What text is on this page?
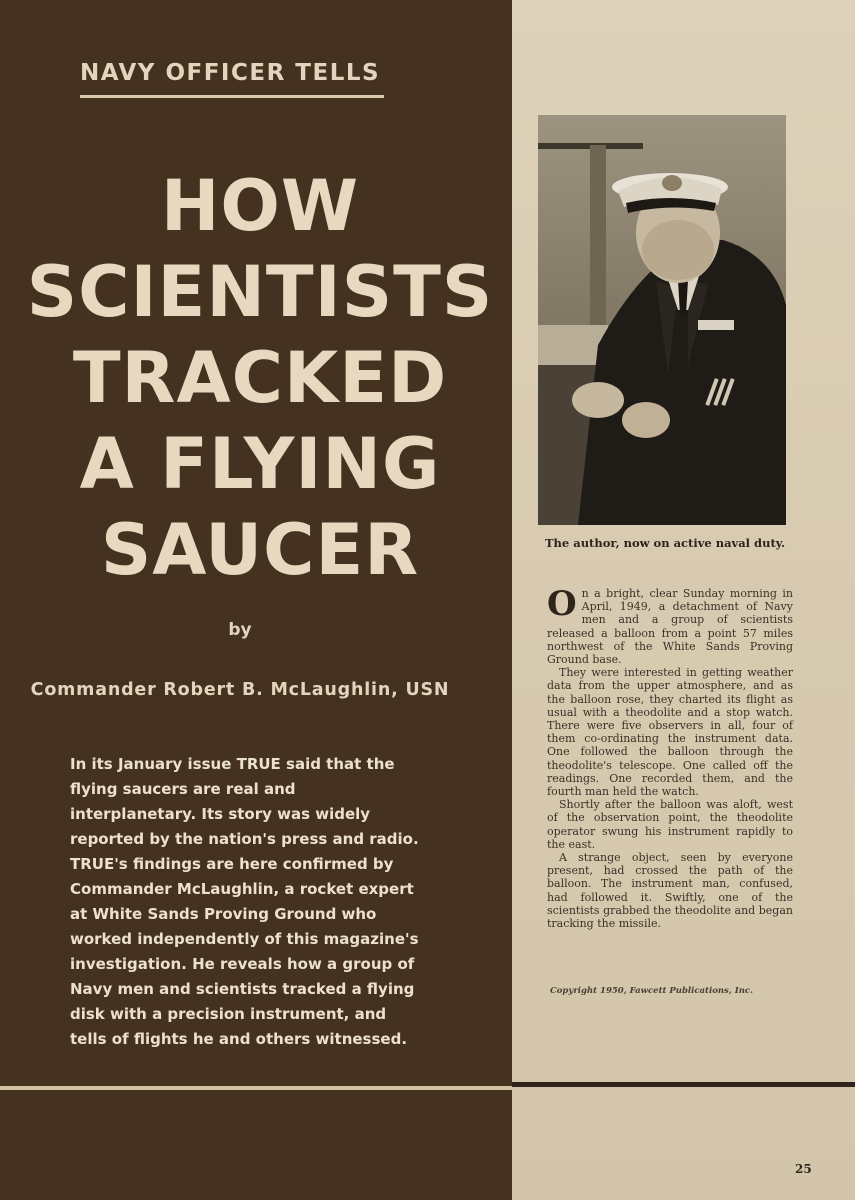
NAVY OFFICER TELLS
HOW
SCIENTISTS
TRACKED
A FLYING
SAUCER
by
Commander Robert B. McLaughlin, USN
In its January issue TRUE said that the flying saucers are real and interplanetary. Its story was widely reported by the nation's press and radio. TRUE's findings are here confirmed by Commander McLaughlin, a rocket expert at White Sands Proving Ground who worked independently of this magazine's investigation. He reveals how a group of Navy men and scientists tracked a flying disk with a precision instrument, and tells of flights he and others witnessed.
The author, now on active naval duty.

On a bright, clear Sunday morning in April, 1949, a detachment of Navy men and a group of scientists released a balloon from a point 57 miles northwest of the White Sands Proving Ground base.

They were interested in getting weather data from the upper atmosphere, and as the balloon rose, they charted its flight as usual with a theodolite and a stop watch. There were five observers in all, four of them co-ordinating the instrument data. One followed the balloon through the theodolite's telescope. One called off the readings. One recorded them, and the fourth man held the watch.

Shortly after the balloon was aloft, west of the observation point, the theodolite operator swung his instrument rapidly to the east.

A strange object, seen by everyone present, had crossed the path of the balloon. The instrument man, confused, had followed it. Swiftly, one of the scientists grabbed the theodolite and began tracking the missile.

Copyright 1950, Fawcett Publications, Inc.
25
